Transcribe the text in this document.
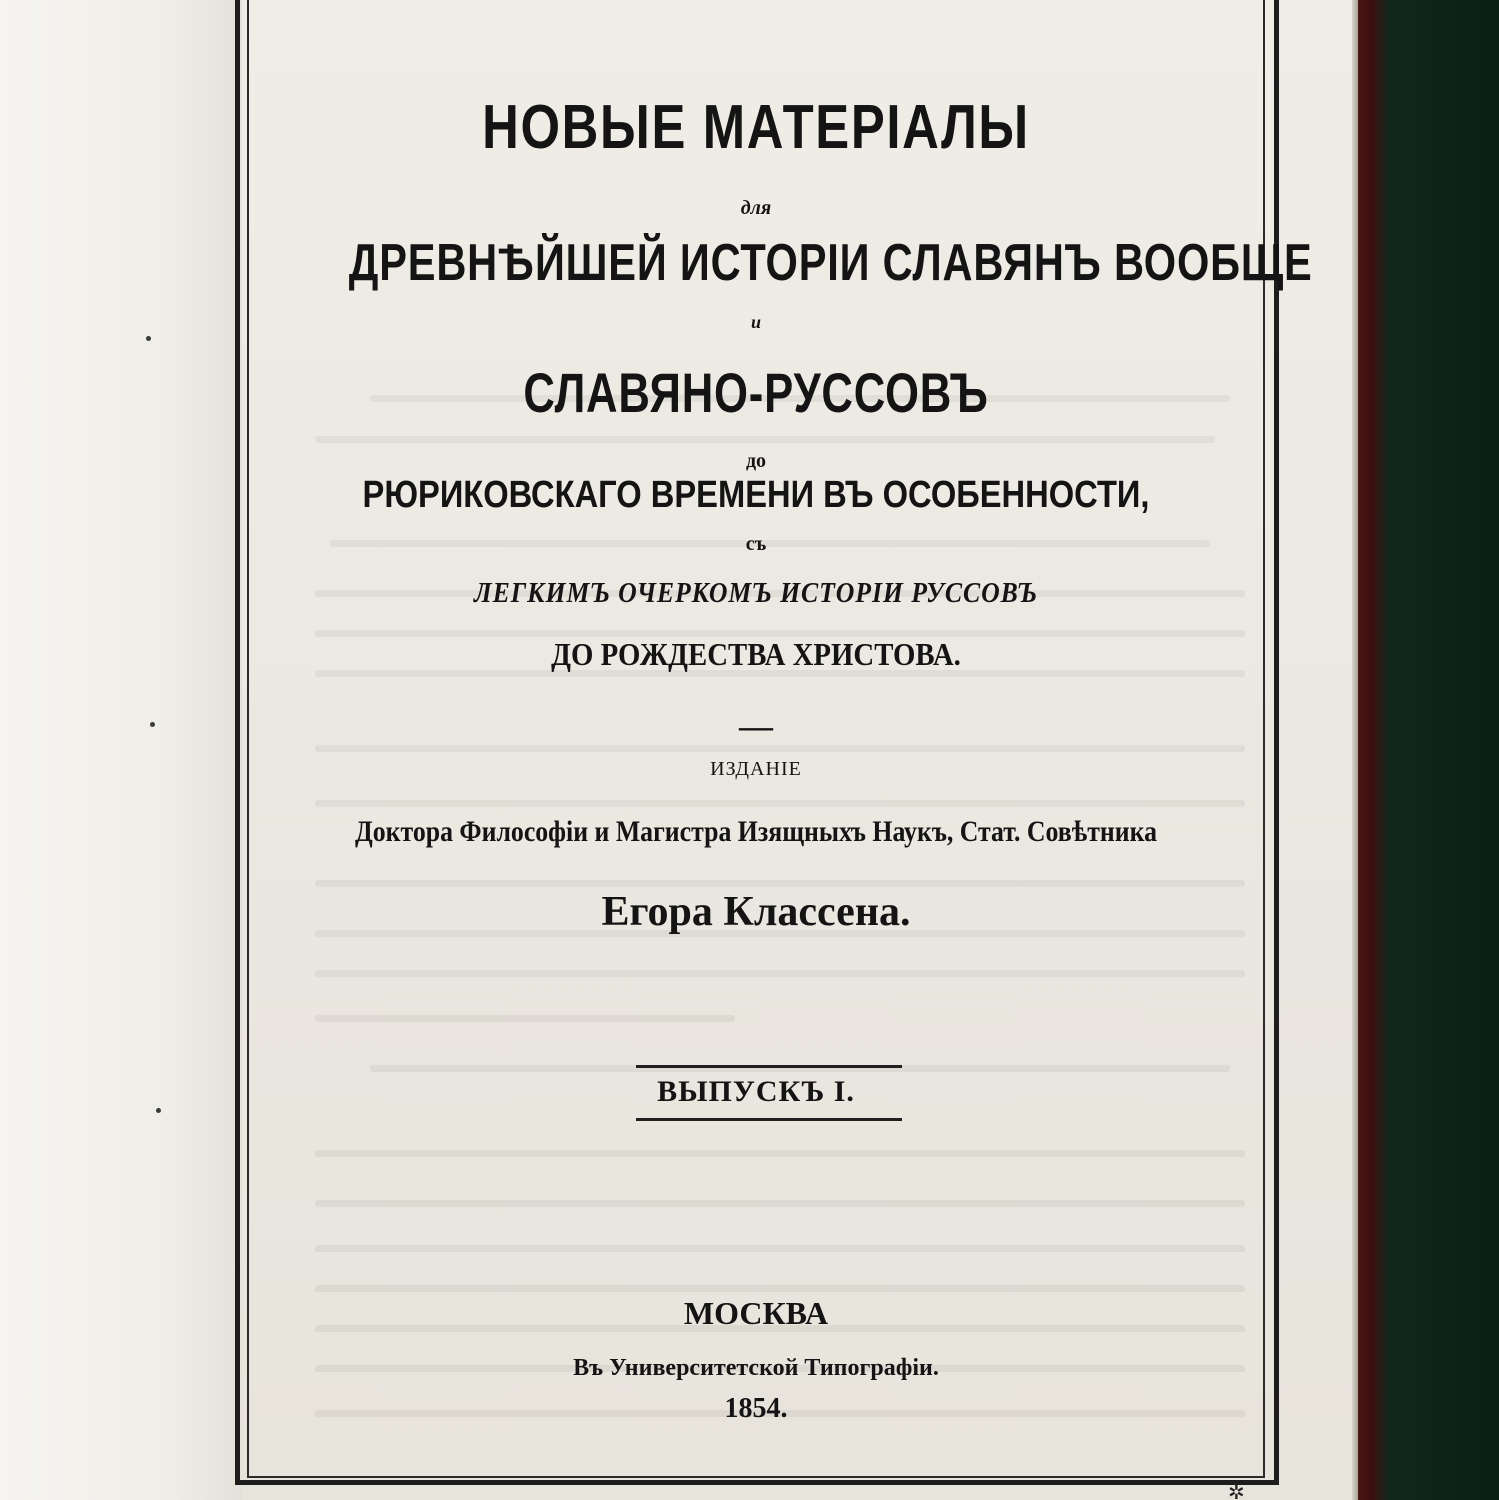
НОВЫЕ МАТЕРІАЛЫ

для

ДРЕВНѢЙШЕЙ ИСТОРІИ СЛАВЯНЪ ВООБЩЕ

и

СЛАВЯНО-РУССОВЪ

до

РЮРИКОВСКАГО ВРЕМЕНИ ВЪ ОСОБЕННОСТИ,

съ

ЛЕГКИМЪ ОЧЕРКОМЪ ИСТОРІИ РУССОВЪ

ДО РОЖДЕСТВА ХРИСТОВА.

—

ИЗДАНІЕ

Доктора Философіи и Магистра Изящныхъ Наукъ, Стат. Совѣтника

Егора Классена.

ВЫПУСКЪ I.

МОСКВА

Въ Университетской Типографіи.

1854.

✲
